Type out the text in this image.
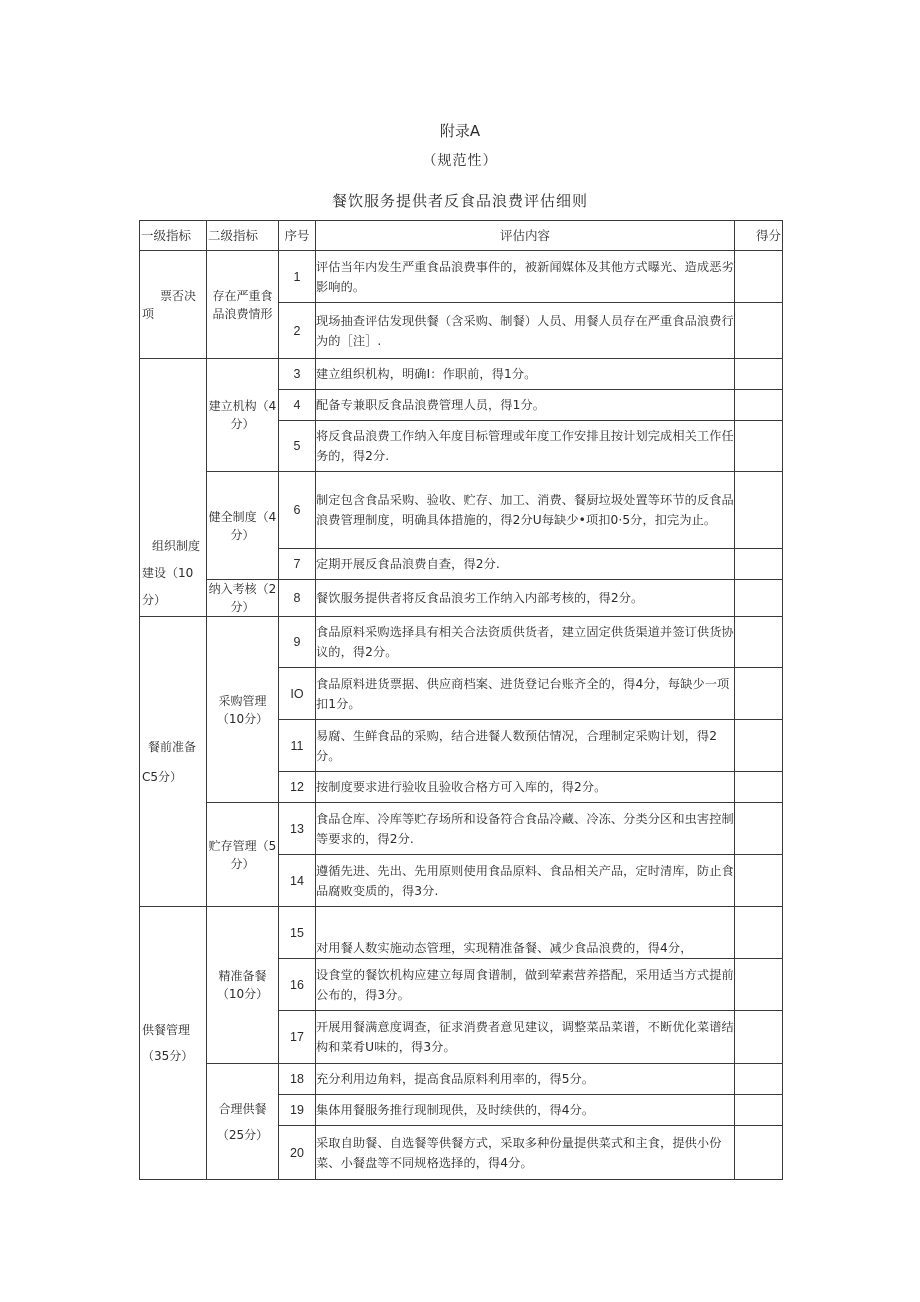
附录A
（规范性）
餐饮服务提供者反食品浪费评估细则
一级指标	二级指标	序号	评估内容	得分

票否决项	存在严重食品浪费情形	1	评估当年内发生严重食品浪费事件的，被新闻媒体及其他方式曝光、造成恶劣影响的。	
		2	现场抽查评估发现供餐（含采购、制餐）人员、用餐人员存在严重食品浪费行为的［注］.	

组织制度建设（10分）	建立机构（4分）	3	建立组织机构，明确I：作职前，得1分。	
		4	配备专兼职反食品浪费管理人员，得1分。	
		5	将反食品浪费工作纳入年度目标管理或年度工作安排且按计划完成相关工作任务的，得2分.	
	健全制度（4分）	6	制定包含食品采购、验收、贮存、加工、消费、餐厨垃圾处置等环节的反食品浪费管理制度，明确具体措施的，得2分U每缺少•项扣0·5分，扣完为止。	
		7	定期开展反食品浪费自查，得2分.	
	纳入考核（2分）	8	餐饮服务提供者将反食品浪劣工作纳入内部考核的，得2分。	

餐前准备C5分）	采购管理（10分）	9	食品原料采购选择具有相关合法资质供货者，建立固定供货渠道并签订供货协议的，得2分。	
		IO	食品原料进货票据、供应商档案、进货登记台账齐全的，得4分，每缺少一项扣1分。	
		11	易腐、生鲜食品的采购，结合进餐人数预估情况，合理制定采购计划，得2分。	
		12	按制度要求进行验收且验收合格方可入库的，得2分。	
	贮存管理（5分）	13	食品仓库、冷库等贮存场所和设备符合食品冷藏、冷冻、分类分区和虫害控制等要求的，得2分.	
		14	遵循先进、先出、先用原则使用食品原料、食品相关产品，定时清库，防止食品腐败变质的，得3分.	

供餐管理（35分）	精准备餐（10分）	15	对用餐人数实施动态管理，实现精准备餐、减少食品浪费的，得4分，	
		16	设食堂的餐饮机构应建立每周食谱制，做到荤素营养搭配，采用适当方式提前公布的，得3分。	
		17	开展用餐满意度调查，征求消费者意见建议，调整菜品菜谱，不断优化菜谱结构和菜肴U味的，得3分。	
	合理供餐（25分）	18	充分利用边角料，提高食品原料利用率的，得5分。	
		19	集体用餐服务推行现制现供，及时续供的，得4分。	
		20	采取自助餐、自选餐等供餐方式，采取多种份量提供菜式和主食，提供小份菜、小餐盘等不同规格选择的，得4分。	
